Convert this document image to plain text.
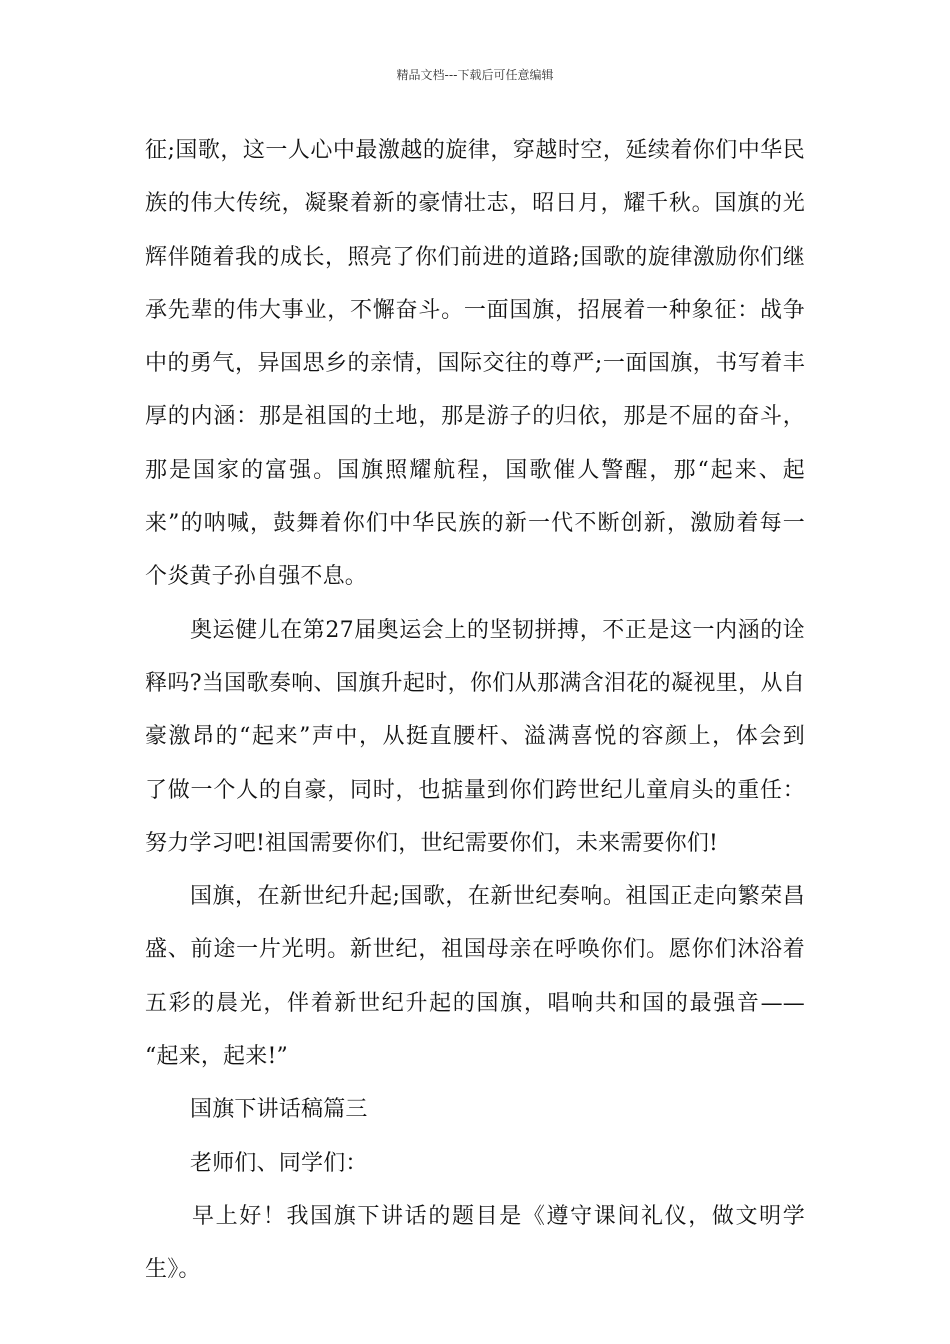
精品文档---下载后可任意编辑
征;国歌，这一人心中最激越的旋律，穿越时空，延续着你们中华民
族的伟大传统，凝聚着新的豪情壮志，昭日月，耀千秋。国旗的光
辉伴随着我的成长，照亮了你们前进的道路;国歌的旋律激励你们继
承先辈的伟大事业，不懈奋斗。一面国旗，招展着一种象征：战争
中的勇气，异国思乡的亲情，国际交往的尊严;一面国旗，书写着丰
厚的内涵：那是祖国的土地，那是游子的归依，那是不屈的奋斗，
那是国家的富强。国旗照耀航程，国歌催人警醒，那“起来、起
来”的呐喊，鼓舞着你们中华民族的新一代不断创新，激励着每一
个炎黄子孙自强不息。
奥运健儿在第27届奥运会上的坚韧拼搏，不正是这一内涵的诠
释吗?当国歌奏响、国旗升起时，你们从那满含泪花的凝视里，从自
豪激昂的“起来”声中，从挺直腰杆、溢满喜悦的容颜上，体会到
了做一个人的自豪，同时，也掂量到你们跨世纪儿童肩头的重任：
努力学习吧!祖国需要你们，世纪需要你们，未来需要你们!
国旗，在新世纪升起;国歌，在新世纪奏响。祖国正走向繁荣昌
盛、前途一片光明。新世纪，祖国母亲在呼唤你们。愿你们沐浴着
五彩的晨光，伴着新世纪升起的国旗，唱响共和国的最强音——
“起来，起来!”
国旗下讲话稿篇三
老师们、同学们：
早上好！我国旗下讲话的题目是《遵守课间礼仪，做文明学
生》。
